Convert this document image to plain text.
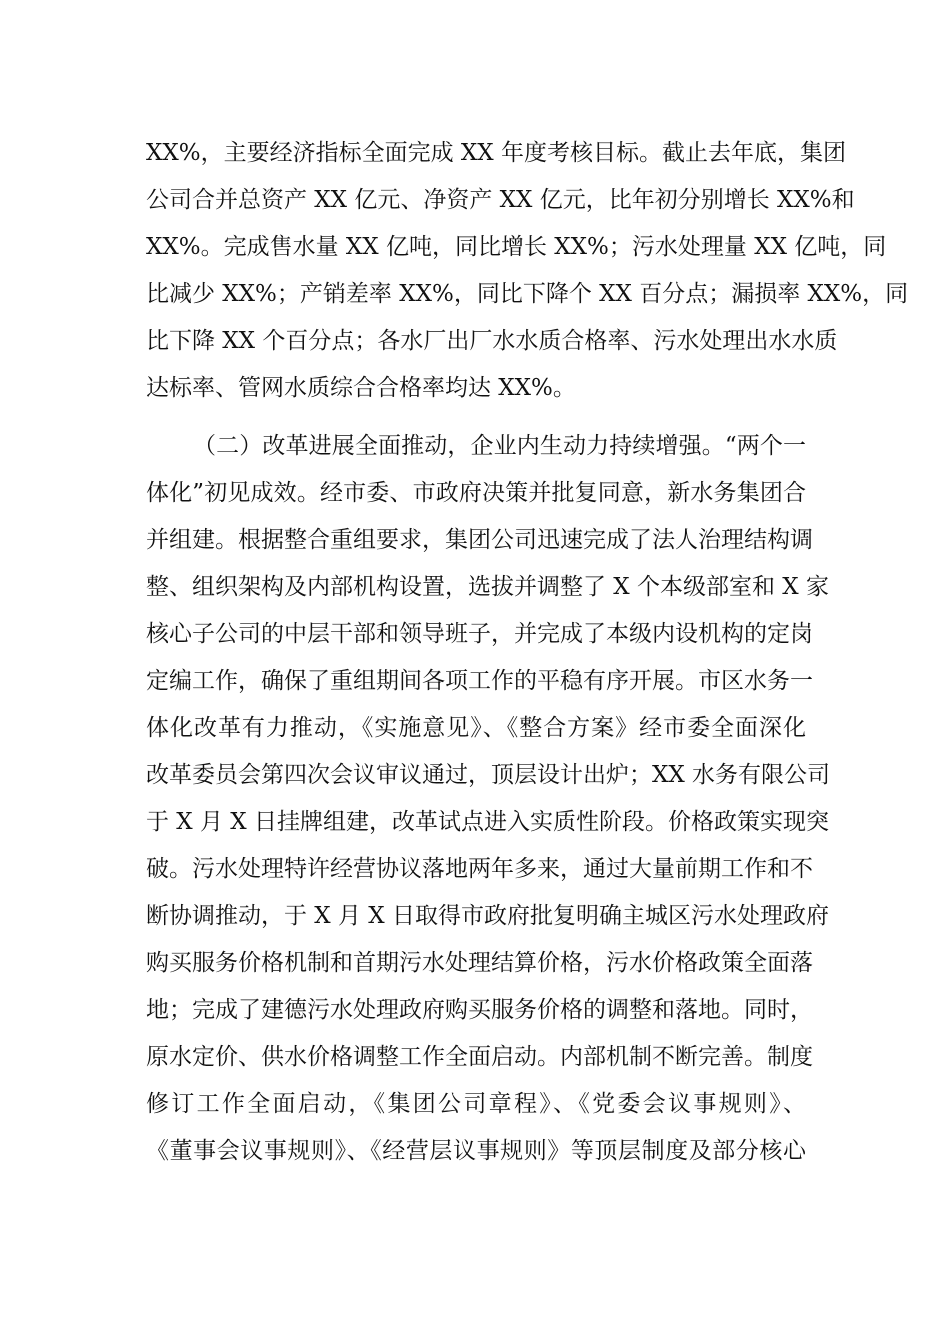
XX%，主要经济指标全面完成 XX 年度考核目标。截止去年底，集团
公司合并总资产 XX 亿元、净资产 XX 亿元，比年初分别增长 XX%和
XX%。完成售水量 XX 亿吨，同比增长 XX%；污水处理量 XX 亿吨，同
比减少 XX%；产销差率 XX%，同比下降个 XX 百分点；漏损率 XX%，同
比下降 XX 个百分点；各水厂出厂水水质合格率、污水处理出水水质
达标率、管网水质综合合格率均达 XX%。
（二）改革进展全面推动，企业内生动力持续增强。“两个一
体化”初见成效。经市委、市政府决策并批复同意，新水务集团合
并组建。根据整合重组要求，集团公司迅速完成了法人治理结构调
整、组织架构及内部机构设置，选拔并调整了 X 个本级部室和 X 家
核心子公司的中层干部和领导班子，并完成了本级内设机构的定岗
定编工作，确保了重组期间各项工作的平稳有序开展。市区水务一
体化改革有力推动，《实施意见》、《整合方案》经市委全面深化
改革委员会第四次会议审议通过，顶层设计出炉；XX 水务有限公司
于 X 月 X 日挂牌组建，改革试点进入实质性阶段。价格政策实现突
破。污水处理特许经营协议落地两年多来，通过大量前期工作和不
断协调推动，于 X 月 X 日取得市政府批复明确主城区污水处理政府
购买服务价格机制和首期污水处理结算价格，污水价格政策全面落
地；完成了建德污水处理政府购买服务价格的调整和落地。同时，
原水定价、供水价格调整工作全面启动。内部机制不断完善。制度
修订工作全面启动，《集团公司章程》、《党委会议事规则》、
《董事会议事规则》、《经营层议事规则》等顶层制度及部分核心
